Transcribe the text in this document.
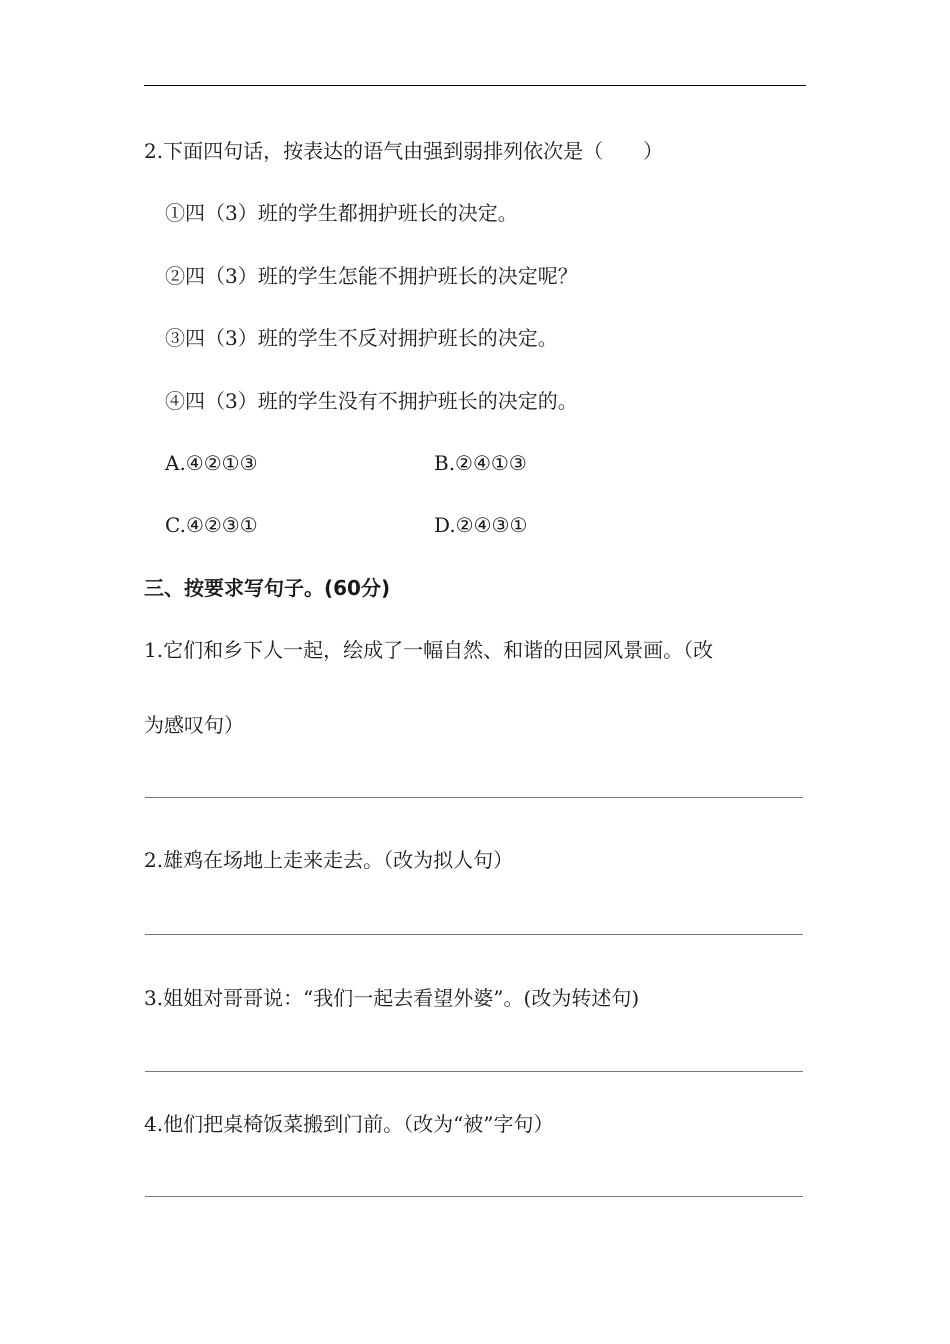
2.下面四句话，按表达的语气由强到弱排列依次是（　　）
①四（3）班的学生都拥护班长的决定。
②四（3）班的学生怎能不拥护班长的决定呢？
③四（3）班的学生不反对拥护班长的决定。
④四（3）班的学生没有不拥护班长的决定的。
A.④②①③	B.②④①③
C.④②③①	D.②④③①
三、按要求写句子。(60分)
1.它们和乡下人一起，绘成了一幅自然、和谐的田园风景画。（改
为感叹句）
2.雄鸡在场地上走来走去。（改为拟人句）
3.姐姐对哥哥说：“我们一起去看望外婆”。(改为转述句)
4.他们把桌椅饭菜搬到门前。（改为“被”字句）
